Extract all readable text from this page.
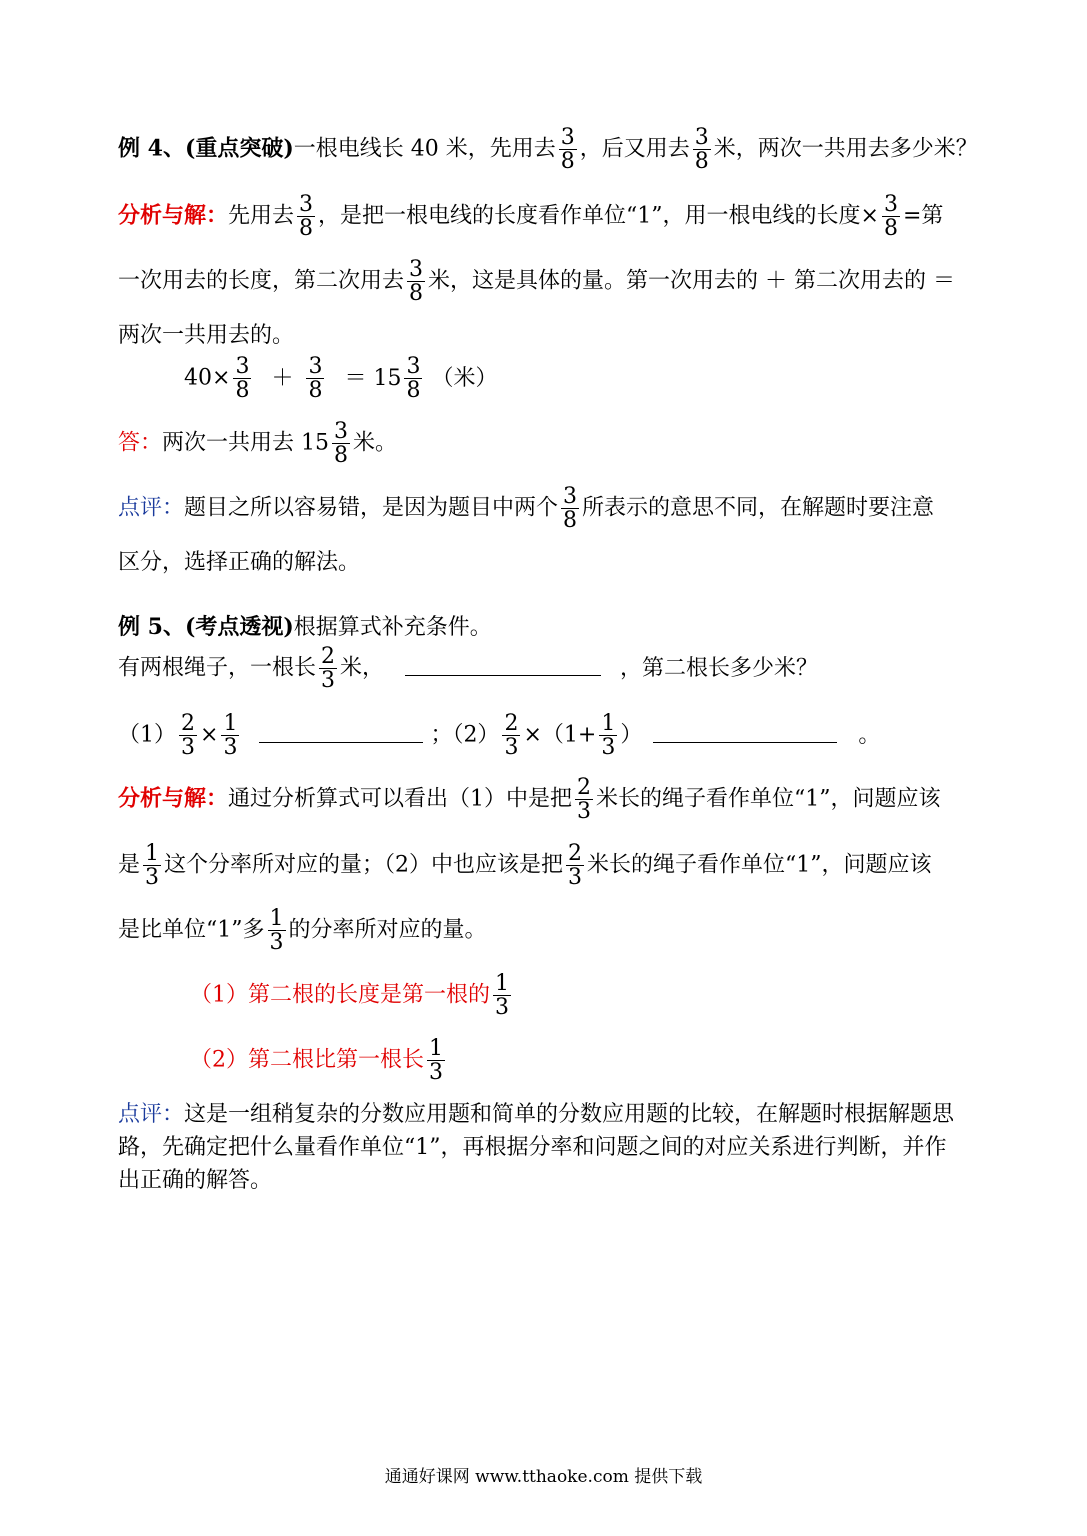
例 4、(重点突破)一根电线长 40 米，先用去 $\frac{3}{8}$ ，后又用去 $\frac{3}{8}$ 米，两次一共用去多少米？
分析与解：先用去 $\frac{3}{8}$ ，是把一根电线的长度看作单位“1”，用一根电线的长度× $\frac{3}{8}$ =第
一次用去的长度，第二次用去 $\frac{3}{8}$ 米，这是具体的量。第一次用去的 ＋ 第二次用去的 ＝
两次一共用去的。
$40\times \frac{3}{8} + \frac{3}{8} = 15 \frac{3}{8}$ （米）
答：两次一共用去 $15 \frac{3}{8}$ 米。
点评：题目之所以容易错，是因为题目中两个 $\frac{3}{8}$ 所表示的意思不同，在解题时要注意
区分，选择正确的解法。
例 5、(考点透视)根据算式补充条件。
有两根绳子，一根长 $\frac{2}{3}$ 米，	，第二根长多少米？
$(1) \frac{2}{3} \times \frac{1}{3}$	；$(2) \frac{2}{3} \times(1+ \frac{1}{3}$ ）	。
分析与解：通过分析算式可以看出（1）中是把 $\frac{2}{3}$ 米长的绳子看作单位“1”，问题应该
是 $\frac{1}{3}$ 这个分率所对应的量；（2）中也应该是把 $\frac{2}{3}$ 米长的绳子看作单位“1”，问题应该
是比单位“1”多 $\frac{1}{3}$ 的分率所对应的量。
（1）第二根的长度是第一根的 $\frac{1}{3}$
（2）第二根比第一根长 $\frac{1}{3}$
点评：这是一组稍复杂的分数应用题和简单的分数应用题的比较，在解题时根据解题思
路，先确定把什么量看作单位“1”，再根据分率和问题之间的对应关系进行判断，并作
出正确的解答。
通通好课网 www.tthaoke.com 提供下载
